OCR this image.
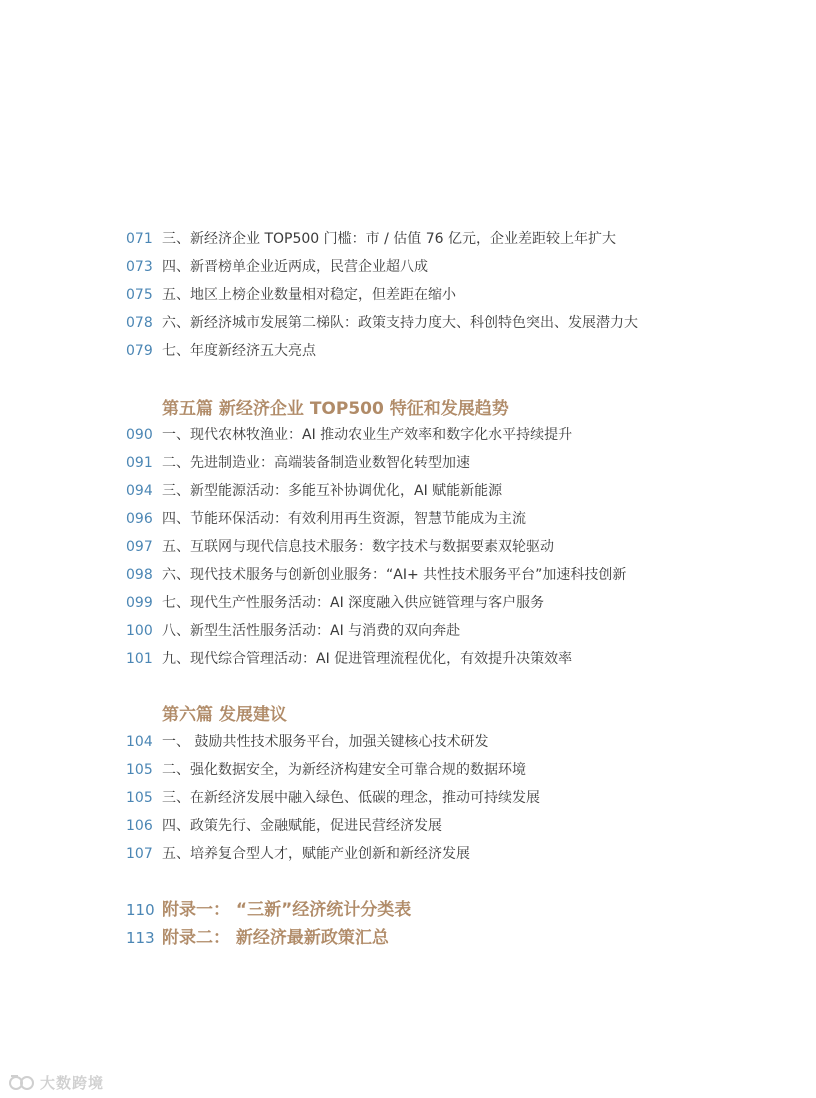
071 三、新经济企业 TOP500 门槛：市 / 估值 76 亿元，企业差距较上年扩大
073 四、新晋榜单企业近两成，民营企业超八成
075 五、地区上榜企业数量相对稳定，但差距在缩小
078 六、新经济城市发展第二梯队：政策支持力度大、科创特色突出、发展潜力大
079 七、年度新经济五大亮点
第五篇 新经济企业 TOP500 特征和发展趋势
090 一、现代农林牧渔业：AI 推动农业生产效率和数字化水平持续提升
091 二、先进制造业：高端装备制造业数智化转型加速
094 三、新型能源活动：多能互补协调优化，AI 赋能新能源
096 四、节能环保活动：有效利用再生资源，智慧节能成为主流
097 五、互联网与现代信息技术服务：数字技术与数据要素双轮驱动
098 六、现代技术服务与创新创业服务：“AI+ 共性技术服务平台”加速科技创新
099 七、现代生产性服务活动：AI 深度融入供应链管理与客户服务
100 八、新型生活性服务活动：AI 与消费的双向奔赴
101 九、现代综合管理活动：AI 促进管理流程优化，有效提升决策效率
第六篇 发展建议
104 一、 鼓励共性技术服务平台，加强关键核心技术研发
105 二、强化数据安全，为新经济构建安全可靠合规的数据环境
105 三、在新经济发展中融入绿色、低碳的理念，推动可持续发展
106 四、政策先行、金融赋能，促进民营经济发展
107 五、培养复合型人才，赋能产业创新和新经济发展
110 附录一： “三新”经济统计分类表
113 附录二： 新经济最新政策汇总
大数跨境
